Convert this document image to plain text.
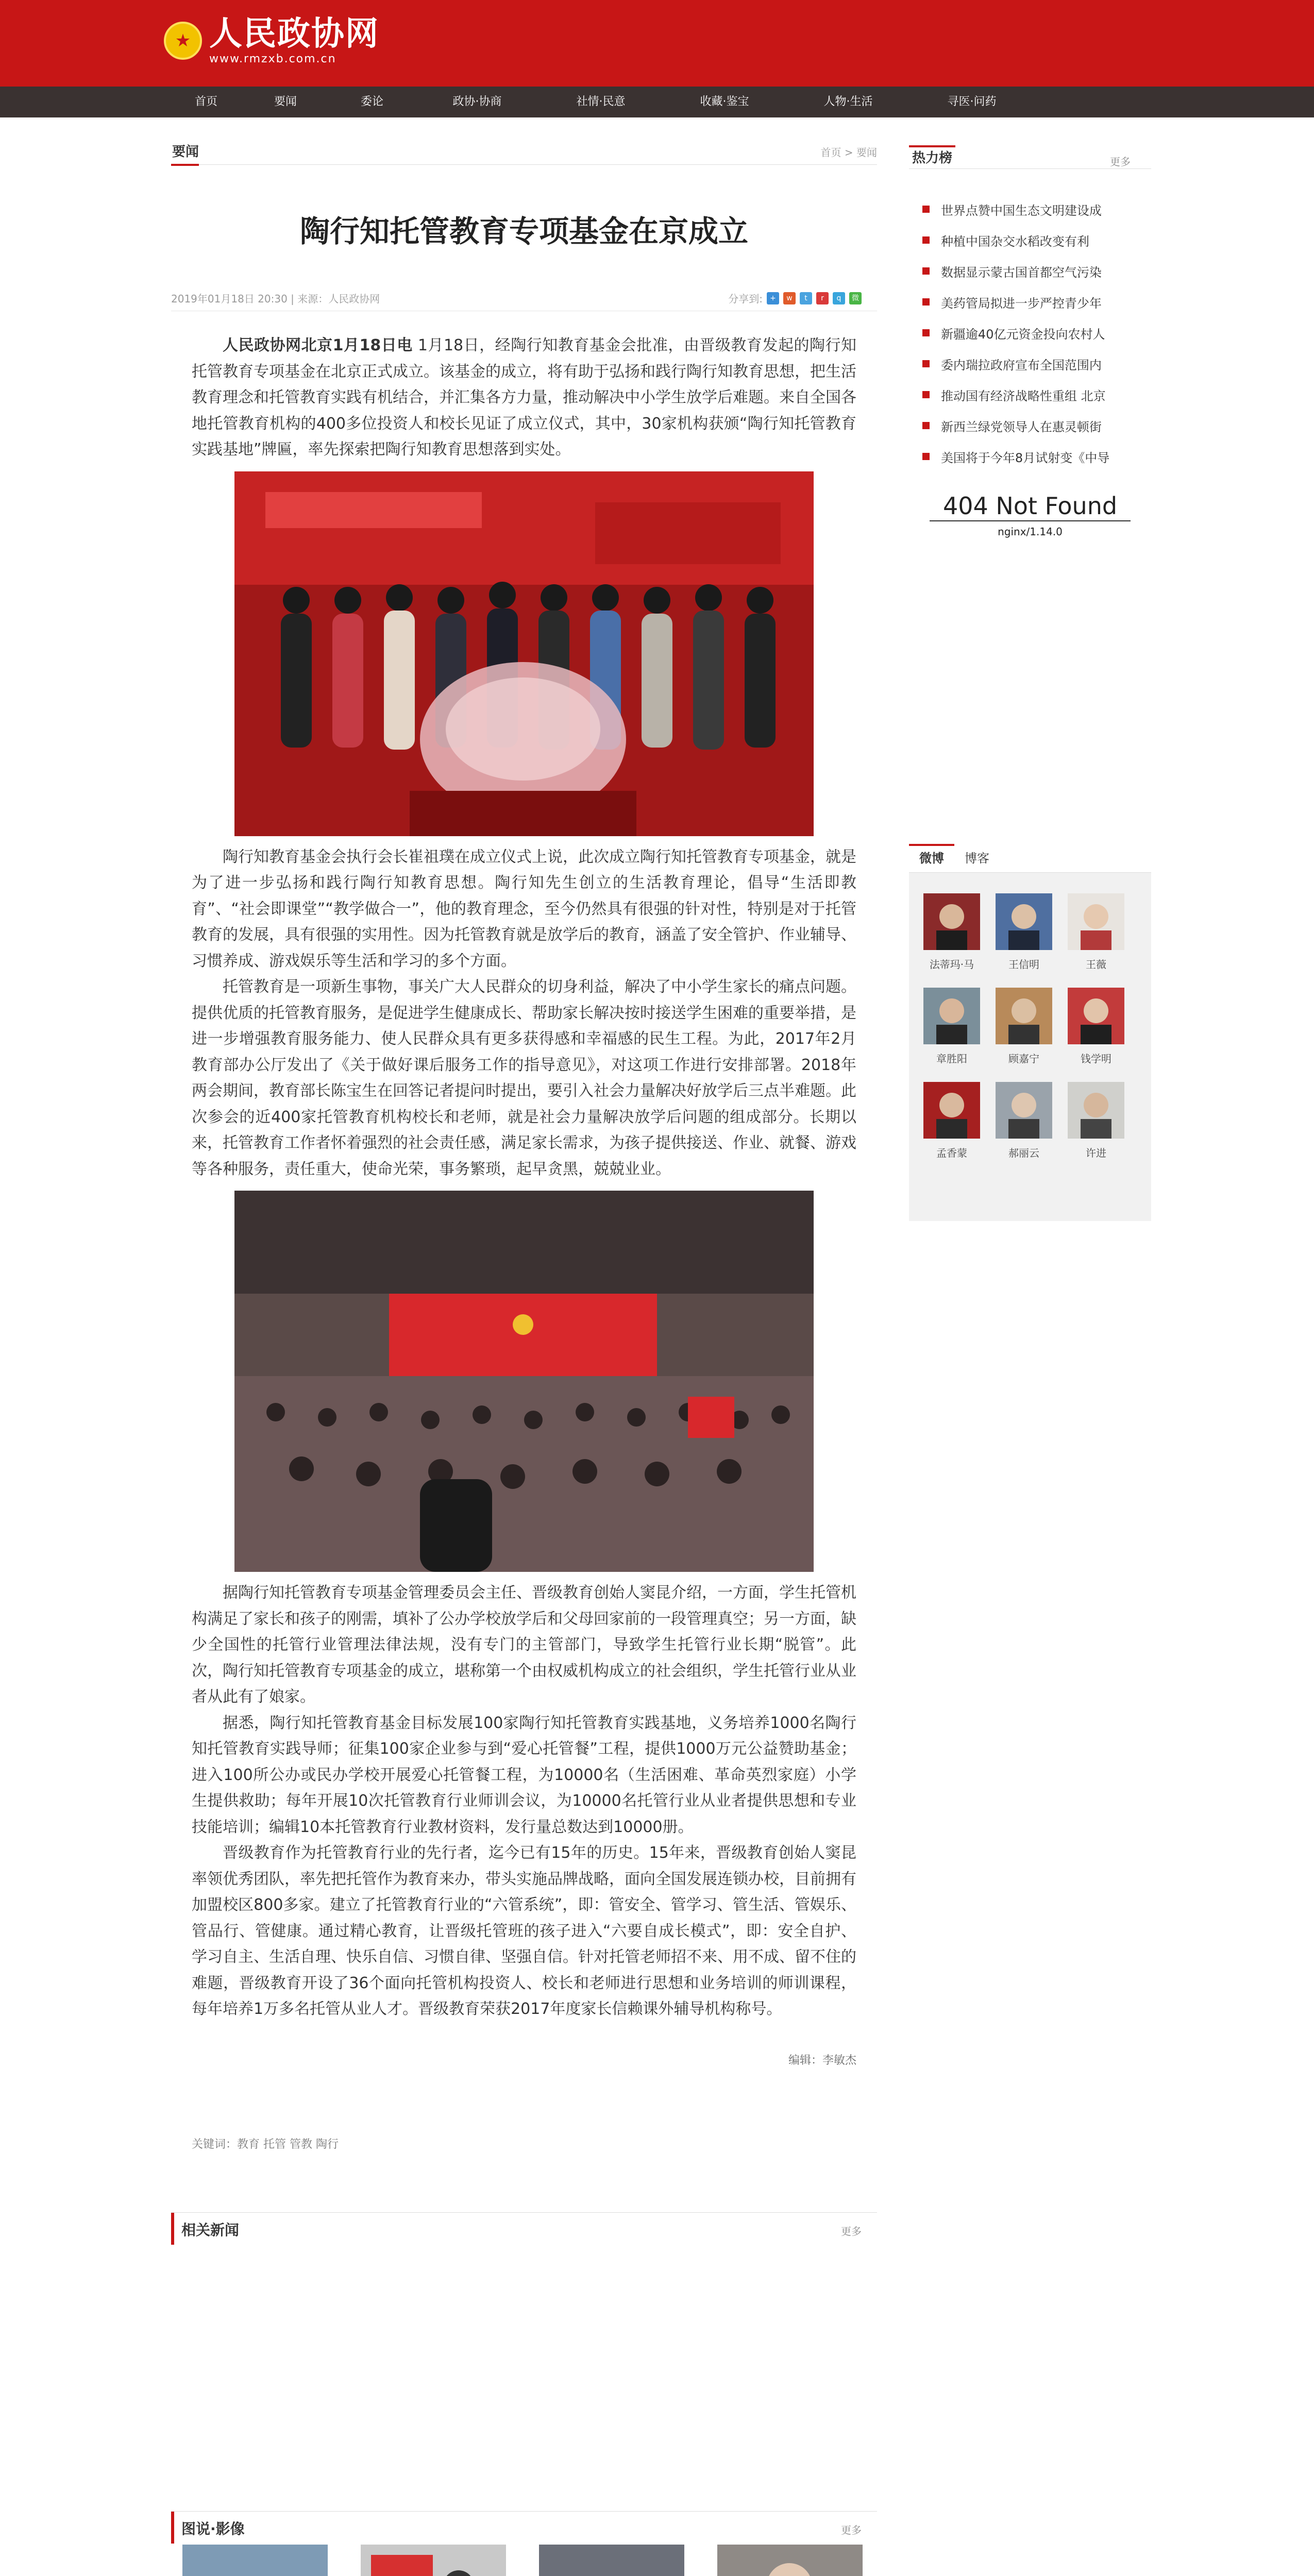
★ 人民政协网
www.rmzxb.com.cn
首页	要闻	委论	政协·协商	社情·民意	收藏·鉴宝	人物·生活	寻医·问药
要闻	首页 > 要闻
陶行知托管教育专项基金在京成立
2019年01月18日 20:30 | 来源：人民政协网	分享到:	+	w	t	r	q	微

人民政协网北京1月18日电 1月18日，经陶行知教育基金会批准，由晋级教育发起的陶行知托管教育专项基金在北京正式成立。该基金的成立，将有助于弘扬和践行陶行知教育思想，把生活教育理念和托管教育实践有机结合，并汇集各方力量，推动解决中小学生放学后难题。来自全国各地托管教育机构的400多位投资人和校长见证了成立仪式，其中，30家机构获颁“陶行知托管教育实践基地”牌匾，率先探索把陶行知教育思想落到实处。

陶行知教育基金会执行会长崔祖璞在成立仪式上说，此次成立陶行知托管教育专项基金，就是为了进一步弘扬和践行陶行知教育思想。陶行知先生创立的生活教育理论，倡导“生活即教育”、“社会即课堂”“教学做合一”，他的教育理念，至今仍然具有很强的针对性，特别是对于托管教育的发展，具有很强的实用性。因为托管教育就是放学后的教育，涵盖了安全管护、作业辅导、习惯养成、游戏娱乐等生活和学习的多个方面。

托管教育是一项新生事物，事关广大人民群众的切身利益，解决了中小学生家长的痛点问题。提供优质的托管教育服务，是促进学生健康成长、帮助家长解决按时接送学生困难的重要举措，是进一步增强教育服务能力、使人民群众具有更多获得感和幸福感的民生工程。为此，2017年2月教育部办公厅发出了《关于做好课后服务工作的指导意见》，对这项工作进行安排部署。2018年两会期间，教育部长陈宝生在回答记者提问时提出，要引入社会力量解决好放学后三点半难题。此次参会的近400家托管教育机构校长和老师，就是社会力量解决放学后问题的组成部分。长期以来，托管教育工作者怀着强烈的社会责任感，满足家长需求，为孩子提供接送、作业、就餐、游戏等各种服务，责任重大，使命光荣，事务繁琐，起早贪黑，兢兢业业。

据陶行知托管教育专项基金管理委员会主任、晋级教育创始人窦昆介绍，一方面，学生托管机构满足了家长和孩子的刚需，填补了公办学校放学后和父母回家前的一段管理真空；另一方面，缺少全国性的托管行业管理法律法规，没有专门的主管部门，导致学生托管行业长期“脱管”。此次，陶行知托管教育专项基金的成立，堪称第一个由权威机构成立的社会组织，学生托管行业从业者从此有了娘家。

据悉，陶行知托管教育基金目标发展100家陶行知托管教育实践基地，义务培养1000名陶行知托管教育实践导师；征集100家企业参与到“爱心托管餐”工程，提供1000万元公益赞助基金；进入100所公办或民办学校开展爱心托管餐工程，为10000名（生活困难、革命英烈家庭）小学生提供救助；每年开展10次托管教育行业师训会议，为10000名托管行业从业者提供思想和专业技能培训；编辑10本托管教育行业教材资料，发行量总数达到10000册。

晋级教育作为托管教育行业的先行者，迄今已有15年的历史。15年来，晋级教育创始人窦昆率领优秀团队，率先把托管作为教育来办，带头实施品牌战略，面向全国发展连锁办校，目前拥有加盟校区800多家。建立了托管教育行业的“六管系统”，即：管安全、管学习、管生活、管娱乐、管品行、管健康。通过精心教育，让晋级托管班的孩子进入“六要自成长模式”，即：安全自护、学习自主、生活自理、快乐自信、习惯自律、坚强自信。针对托管老师招不来、用不成、留不住的难题，晋级教育开设了36个面向托管机构投资人、校长和老师进行思想和业务培训的师训课程，每年培养1万多名托管从业人才。晋级教育荣获2017年度家长信赖课外辅导机构称号。

编辑：李敏杰
关键词：教育 托管 管教 陶行
相关新闻	更多
图说·影像	更多
热力榜	更多
世界点赞中国生态文明建设成
种植中国杂交水稻改变有利
数据显示蒙古国首都空气污染
美药管局拟进一步严控青少年
新疆逾40亿元资金投向农村人
委内瑞拉政府宣布全国范围内
推动国有经济战略性重组 北京
新西兰绿党领导人在惠灵顿街
美国将于今年8月试射变《中导
404 Not Found
nginx/1.14.0
微博	博客
法蒂玛·马	王信明	王薇
章胜阳	顾嘉宁	钱学明
孟香蒙	郝丽云	许进
